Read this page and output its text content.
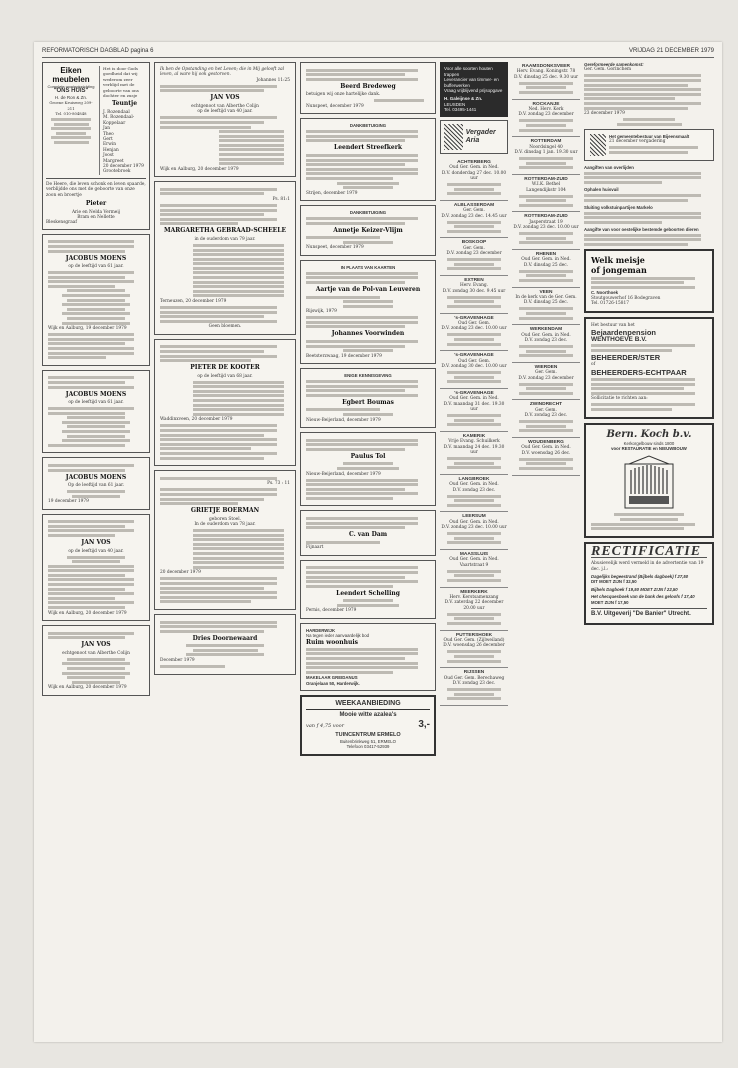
REFORMATORISCH DAGBLAD pagina 6	VRIJDAG 21 DECEMBER 1979
Eiken meubelen
Complete woninginrichting
"ONS HUIS"
H. de Ron & Zn.
Groene Kruisweg 209-211
Tel. 010-804848
Het is door Gods goedheid dat wij wederom zeer verblijd met de geboorte van ons dochter en zusje
Teuntje
J. Rozendaal
M. Rozendaal-Koppelaar
Jan
Theo
Gert
Erwin
Henjan
Joost
Margreet
20 december 1979
Grootebroek
De Heere, die leven schonk en leven spaarde, verblijdde ons met de geboorte van onze zoon en broertje
Pieter
Arie en Nelda Vermeij
Bram en Nellette
Bleskensgraaf
JACOBUS MOENS
op de leeftijd van 61 jaar.
Wijk en Aalburg, 19 december 1979
JACOBUS MOENS
op de leeftijd van 61 jaar.
JACOBUS MOENS
Op de leeftijd van 61 jaar.
19 december 1979
JAN VOS
op de leeftijd van 40 jaar.
Wijk en Aalburg, 20 december 1979
JAN VOS
echtgenoot van Alberthe Colijn
Wijk en Aalburg, 20 december 1979
Ik ben de Opstanding en het Leven; die in Mij gelooft zal leven, al ware hij ook gestorven.
Johannes 11:25
JAN VOS
echtgenoot van Alberthe Colijn
op de leeftijd van 40 jaar.
Wijk en Aalburg, 20 december 1979
Ps. 81:1
MARGARETHA GEBRAAD-SCHEELE
in de ouderdom van 79 jaar.
Terneuzen, 20 december 1979
Geen bloemen.
PIETER DE KOOTER
op de leeftijd van 68 jaar.
Waddinxveen, 20 december 1979
Ps. 73 : 11
GRIETJE BOERMAN
geboren Stoel.
In de ouderdom van 78 jaar.
20 december 1979
Dries Doornewaard
December 1979
Beerd Bredeweg
betuigen wij onze hartelijke dank.
Nunspeet, december 1979
DANKBETUIGING
Leendert Streefkerk
Strijen, december 1979
DANKBETUIGING
Annetje Keizer-Vlijm
Nunspeet, december 1979
IN PLAATS VAN KAARTEN
Aartje van de Pol-van Leuveren
Rijswijk, 1979
Johannes Voorwinden
Beetsterzwaag, 19 december 1979
ENIGE KENNISGEVING
Egbert Boumas
Nieuw-Beijerland, december 1979
Paulus Tol
Nieuw-Beijerland, december 1979
C. van Dam
Fijnaart
Leendert Schelling
Pernis, december 1979
HARDERWIJK
Na tegen ieder aanvaardelijk bod
Ruim woonhuis
MAKELAAR GREIDANUS
Oranjelaan 50, Harderwijk.
WEEKAANBIEDING
Mooie witte azalea's
van f 4,75 voor	3,-
TUINCENTRUM ERMELO
Buitenbrinkweg 51, ERMELO
Telefoon 03417-52939
Voor alle soorten houten trappen
Leverancier van timmer- en bufferwerken
Vraag vrijblijvend prijsopgave
H. Galeijnse & Zn.
LEUSDEN
Tel. 03495-1441
Vergader Aria
ACHTERBERG
Oud Ger. Gem. in Ned.
D.V. donderdag 27 dec. 10.00 uur
ALBLASSERDAM
Ger. Gem.
D.V. zondag 23 dec. 14.45 uur
BOSKOOP
Ger. Gem.
D.V. zondag 23 december
EXTREN
Herv. Evang.
D.V. zondag 30 dec. 9.45 uur
's-GRAVENHAGE
Oud Ger. Gem.
D.V. zondag 23 dec. 10.00 uur
's-GRAVENHAGE
Oud Ger. Gem.
D.V. zondag 30 dec. 10.00 uur
's-GRAVENHAGE
Oud Ger. Gem. in Ned.
D.V. maandag 31 dec. 19.30 uur
KAMERIK
Vrije Evang. Schuilkerk
D.V. maandag 24 dec. 19.30 uur
LANGBROEK
Oud Ger. Gem. in Ned.
D.V. zondag 23 dec.
LEERSUM
Oud Ger. Gem. in Ned.
D.V. zondag 23 dec. 10.00 uur
MAASSLUIS
Oud Ger. Gem. in Ned.
Vaartstraat 9
MEERKERK
Herv. Kerstsamenzang
D.V. zaterdag 22 december 20.00 uur
PUTTERSHOEK
Oud Ger. Gem. (Zijlweiland)
D.V. woensdag 26 december
RIJSSEN
Oud Ger. Gem. Berechaweg
D.V. zondag 23 dec.
RAAMSDONKSVEER
Herv. Evang. Koningstr. 78
D.V. dinsdag 25 dec. 9.30 uur
ROCKANJE
Ned. Herv. Kerk
D.V. zondag 23 december
ROTTERDAM
Noordsingel 40
D.V. dinsdag 1 jan. 19.30 uur
ROTTERDAM-ZUID
W.I.K. Bethel
Langendijkstr 104
ROTTERDAM-ZUID
Jasperstraat 19
D.V. zondag 23 dec. 10.00 uur
RHENEN
Oud Ger. Gem. in Ned.
D.V. dinsdag 25 dec.
VEEN
In de kerk van de Ger. Gem.
D.V. dinsdag 25 dec.
WERKENDAM
Oud Ger. Gem. in Ned.
D.V. zondag 23 dec.
WIERDEN
Ger. Gem.
D.V. zondag 23 december
ZWINDRECHT
Ger. Gem.
D.V. zondag 23 dec.
WOUDENBERG
Oud Ger. Gem. in Ned.
D.V. woensdag 26 dec.
Gereformeerde samenkomst:
Ger. Gem. Gorinchem
23 december 1979
Het gemeentebestuur van Bijeensmaalt
21 december vergadering
Aangiften van overlijden
Ophalen huisvuil
Sluiting volkstuinpartijen Markelo
Aangifte van voor oestelijke bestemde geboorten dieren
Welk meisje
of jongeman
C. Noorthoek
Stoutgouwerhof 16 Bodegraven
Tel. 01726-15817
Het bestuur van het
Bejaardenpension
WENTHOEVE B.V.
BEHEERDER/STER
of
BEHEERDERS-ECHTPAAR
Sollicitatie te richten aan:
Bern. Koch b.v.
Kerkorgelbouw sinds 1800
voor RESTAURATIE en NIEUWBOUW
RECTIFICATIE
Abusievelijk werd vermeld in de advertentie van 19 dec. j.l.:
Dagelijks begeestrand (Bijbels dagboek) f 27,50
DIT MOET ZIJN f 32,50
Bijbels Dagboek f 19,50 MOET ZIJN f 22,50
Het checquesboek van de bank des geloofs f 17,40
MOET ZIJN f 17,50
B.V. Uitgeverij "De Banier" Utrecht.
